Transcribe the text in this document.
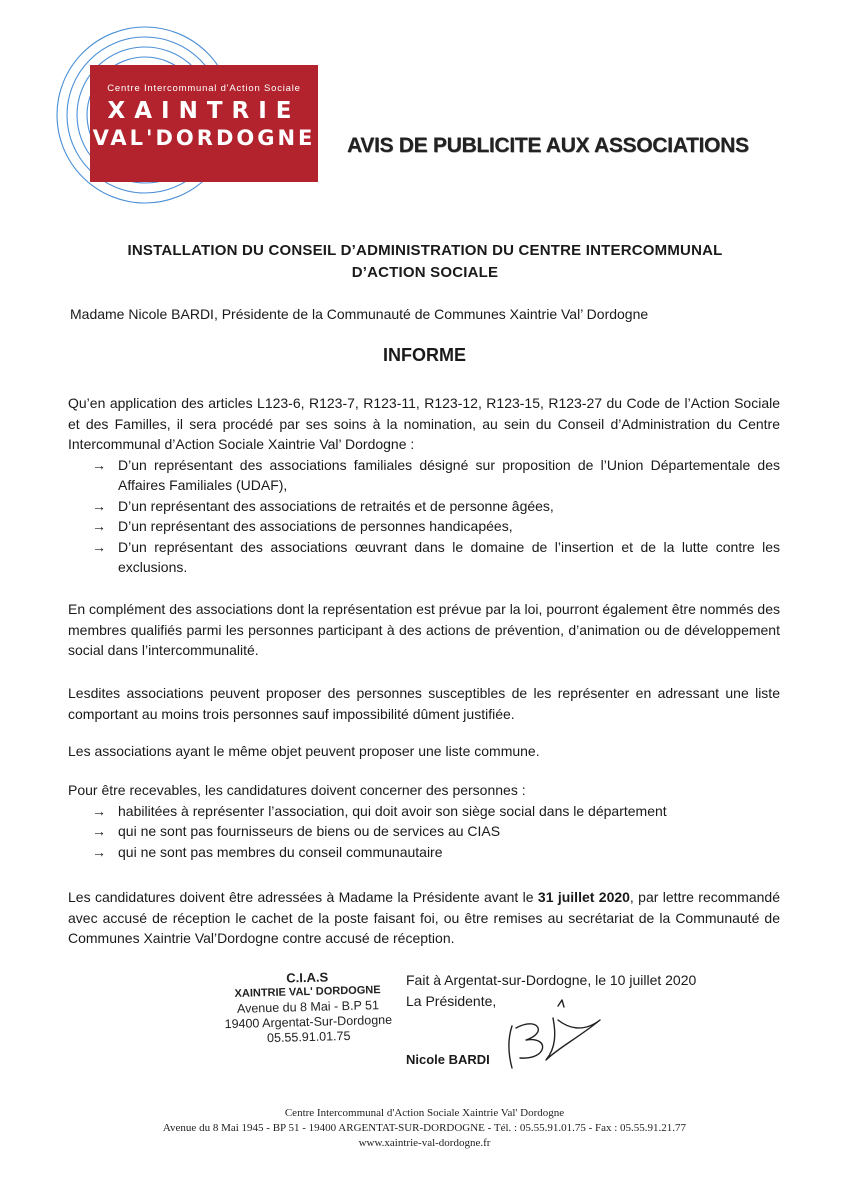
Centre Intercommunal d'Action Sociale
XAINTRIE
VAL'DORDOGNE AVIS DE PUBLICITE AUX ASSOCIATIONS
INSTALLATION DU CONSEIL D’ADMINISTRATION DU CENTRE INTERCOMMUNAL
D’ACTION SOCIALE
Madame Nicole BARDI, Présidente de la Communauté de Communes Xaintrie Val’ Dordogne
INFORME
Qu’en application des articles L123-6, R123-7, R123-11, R123-12, R123-15, R123-27 du Code de l’Action Sociale et des Familles, il sera procédé par ses soins à la nomination, au sein du Conseil d’Administration du Centre Intercommunal d’Action Sociale Xaintrie Val’ Dordogne :
→ D’un représentant des associations familiales désigné sur proposition de l’Union Départementale des Affaires Familiales (UDAF),
→ D’un représentant des associations de retraités et de personne âgées,
→ D’un représentant des associations de personnes handicapées,
→ D’un représentant des associations œuvrant dans le domaine de l’insertion et de la lutte contre les exclusions.
En complément des associations dont la représentation est prévue par la loi, pourront également être nommés des membres qualifiés parmi les personnes participant à des actions de prévention, d’animation ou de développement social dans l’intercommunalité.
Lesdites associations peuvent proposer des personnes susceptibles de les représenter en adressant une liste comportant au moins trois personnes sauf impossibilité dûment justifiée.
Les associations ayant le même objet peuvent proposer une liste commune.
Pour être recevables, les candidatures doivent concerner des personnes :
→ habilitées à représenter l’association, qui doit avoir son siège social dans le département
→ qui ne sont pas fournisseurs de biens ou de services au CIAS
→ qui ne sont pas membres du conseil communautaire
Les candidatures doivent être adressées à Madame la Présidente avant le 31 juillet 2020, par lettre recommandé avec accusé de réception le cachet de la poste faisant foi, ou être remises au secrétariat de la Communauté de Communes Xaintrie Val’Dordogne contre accusé de réception.
C.I.A.S
XAINTRIE VAL' DORDOGNE
Avenue du 8 Mai - B.P 51
19400 Argentat-Sur-Dordogne
05.55.91.01.75
Fait à Argentat-sur-Dordogne, le 10 juillet 2020
La Présidente,
Nicole BARDI
Centre Intercommunal d'Action Sociale Xaintrie Val' Dordogne
Avenue du 8 Mai 1945 - BP 51 - 19400 ARGENTAT-SUR-DORDOGNE - Tél. : 05.55.91.01.75 - Fax : 05.55.91.21.77
www.xaintrie-val-dordogne.fr
